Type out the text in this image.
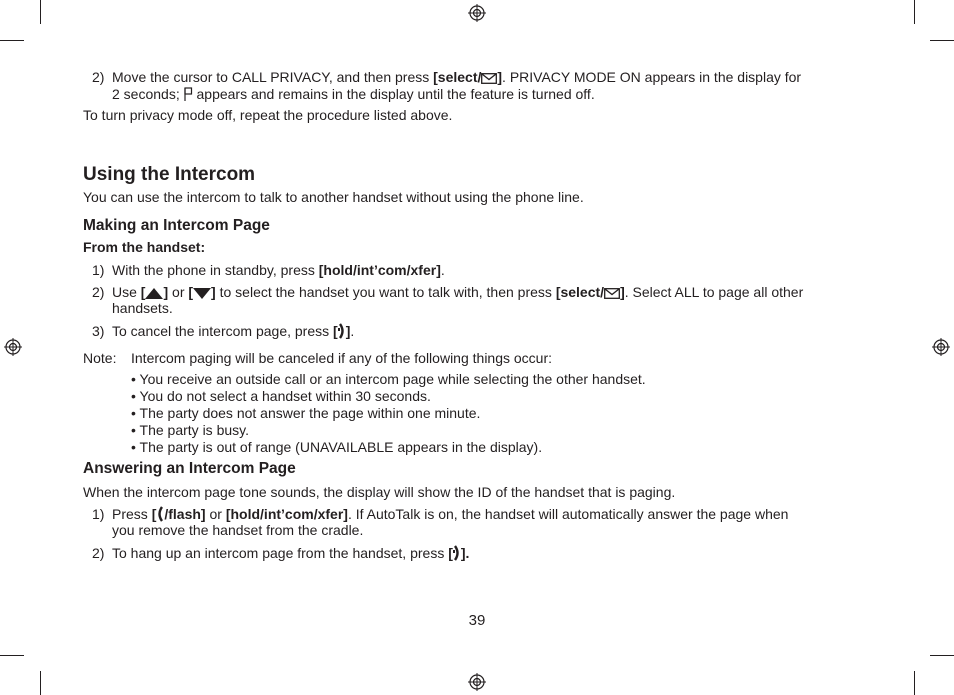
2) Move the cursor to CALL PRIVACY, and then press [select/ ]. PRIVACY MODE ON appears in the display for
2 seconds;  appears and remains in the display until the feature is turned off.
To turn privacy mode off, repeat the procedure listed above.
Using the Intercom
You can use the intercom to talk to another handset without using the phone line.
Making an Intercom Page
From the handset:
1) With the phone in standby, press [hold/int’com/xfer].
2) Use [ ] or [ ] to select the handset you want to talk with, then press [select/ ]. Select ALL to page all other
handsets.
3) To cancel the intercom page, press [ ].
Note: Intercom paging will be canceled if any of the following things occur:
• You receive an outside call or an intercom page while selecting the other handset.
• You do not select a handset within 30 seconds.
• The party does not answer the page within one minute.
• The party is busy.
• The party is out of range (UNAVAILABLE appears in the display).
Answering an Intercom Page
When the intercom page tone sounds, the display will show the ID of the handset that is paging.
1) Press [ /flash] or [hold/int’com/xfer]. If AutoTalk is on, the handset will automatically answer the page when
you remove the handset from the cradle.
2) To hang up an intercom page from the handset, press [ ].
39
